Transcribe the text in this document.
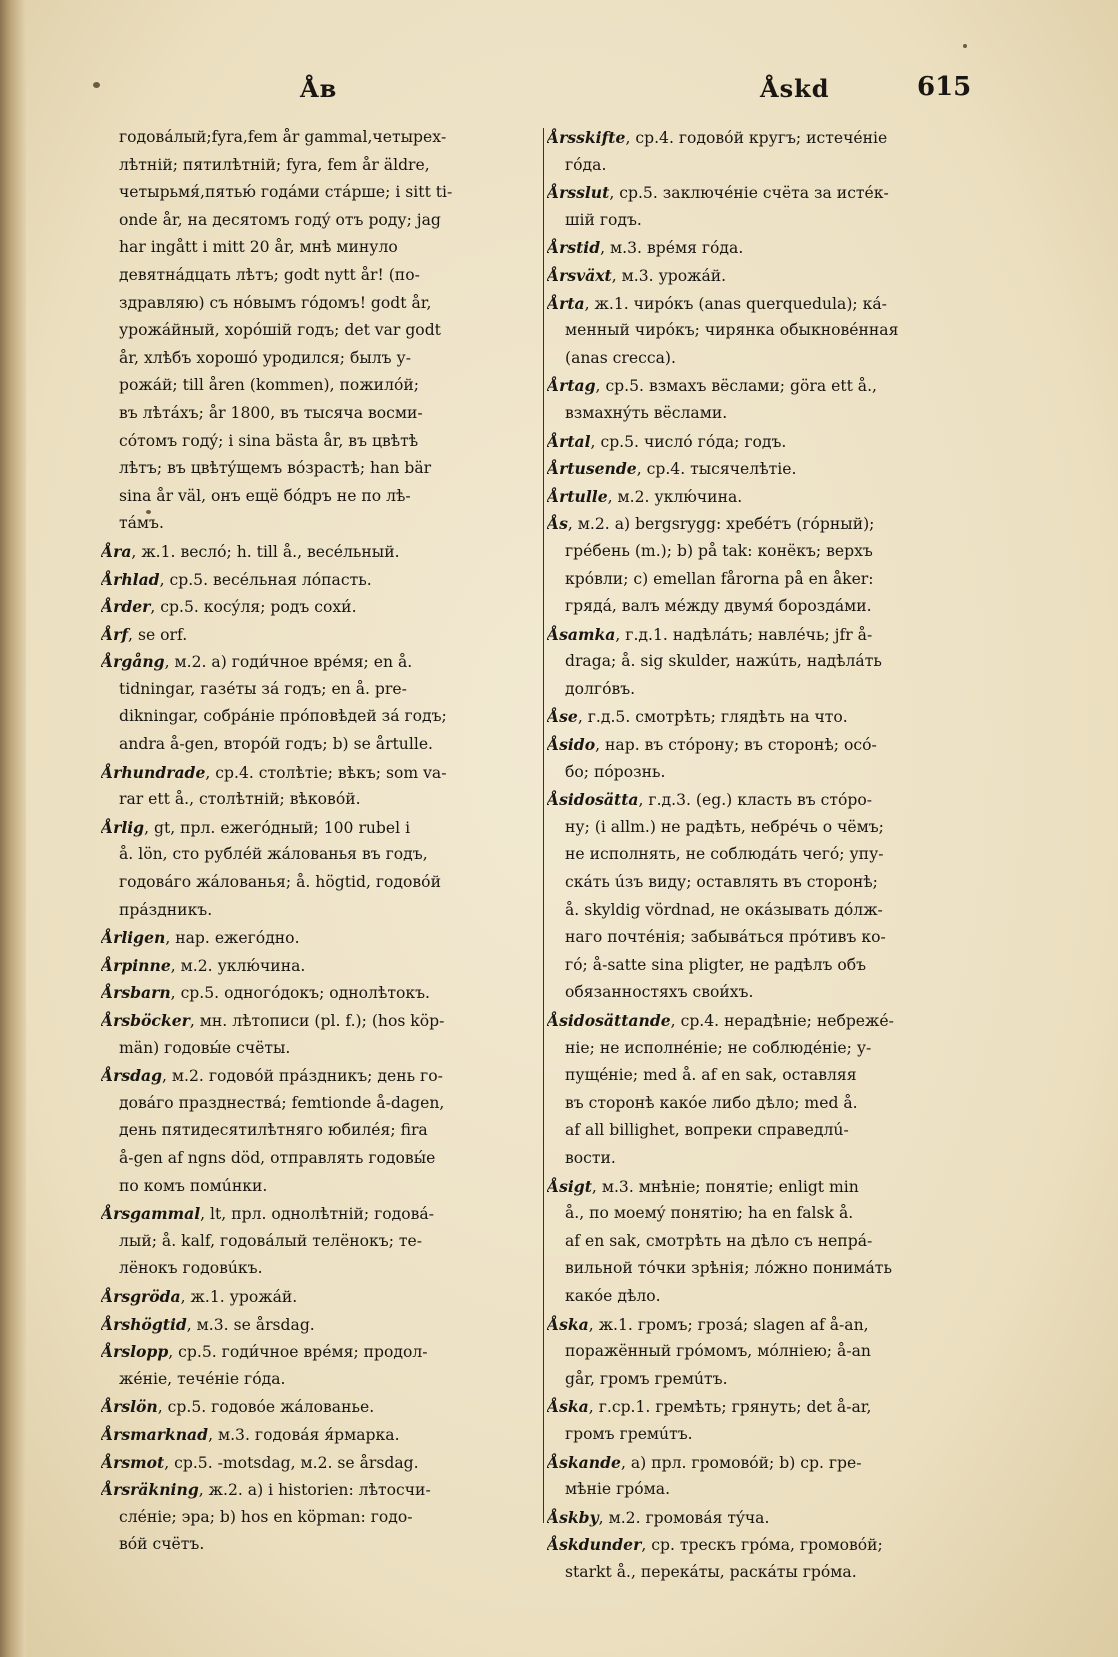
Åв	Åskd	615
годовáлый;fyra,fem år gammal,четырех-
лѣтній; пятилѣтній; fyra, fem år äldre,
четырьмя́,пятью́ годáми стáрше; i sitt ti-
onde år, на десятомъ годý отъ роду; jag
har ingått i mitt 20 år, мнѣ минуло
девятнáдцать лѣтъ; godt nytt år! (по-
здравляю) съ нóвымъ гóдомъ! godt år,
урожáйный, хорóшій годъ; det var godt
år, хлѣбъ хорошó уродился; былъ у-
рожáй; till åren (kommen), пожилóй;
въ лѣтáхъ; år 1800, въ тысяча восми-
сóтомъ годý; i sina bästa år, въ цвѣтѣ
лѣтъ; въ цвѣтýщемъ вóзрастѣ; han bär
sina år väl, онъ ещё бóдръ не по лѣ-
тáмъ.
Åra, ж.1. веслó; h. till å., весéльный.
Århlad, ср.5. весéльная лóпасть.
Årder, ср.5. косýля; родъ сохи́.
Årf, se orf.
Årgång, м.2. а) годи́чное врéмя; en å.
tidningar, газéты зá годъ; en å. pre-
dikningar, собрáніе прóповѣдей зá годъ;
andra å-gen, вторóй годъ; b) se årtulle.
Århundrade, ср.4. столѣтіе; вѣкъ; som va-
rar ett å., столѣтній; вѣковóй.
Årlig, gt, прл. ежегóдный; 100 rubel i
å. lön, сто рублéй жáлованья въ годъ,
годовáго жáлованья; å. högtid, годовóй
прáздникъ.
Årligen, нар. ежегóдно.
Årpinne, м.2. уклю́чина.
Årsbarn, ср.5. одногóдокъ; однолѣтокъ.
Årsböcker, мн. лѣтописи (pl. f.); (hos köp-
män) годовы́е счёты.
Årsdag, м.2. годовóй прáздникъ; день го-
довáго празднествá; femtionde å-dagen,
день пятидесятилѣтняго юбилéя; fira
å-gen af ngns död, отправлять годовы́е
по комъ помúнки.
Årsgammal, lt, прл. однолѣтній; годовá-
лый; å. kalf, годовáлый телёнокъ; те-
лёнокъ годовúкъ.
Årsgröda, ж.1. урожáй.
Årshögtid, м.3. se årsdag.
Årslopp, ср.5. годи́чное врéмя; продол-
жéніе, течéніе гóда.
Årslön, ср.5. годовóе жáлованье.
Årsmarknad, м.3. годовáя я́рмарка.
Årsmot, ср.5. -motsdag, м.2. se årsdag.
Årsräkning, ж.2. а) i historien: лѣтосчи-
слéніе; эра; b) hos en köpman: годо-
вóй счётъ.
Årsskifte, ср.4. годовóй кругъ; истечéніе
гóда.
Årsslut, ср.5. заключéніе счёта за истéк-
шій годъ.
Årstid, м.3. врéмя гóда.
Årsväxt, м.3. урожáй.
Årta, ж.1. чирóкъ (anas querquedula); кá-
менный чирóкъ; чирянка обыкновéнная
(anas crecca).
Årtag, ср.5. взмахъ вёслами; göra ett å.,
взмахнýть вёслами.
Årtal, ср.5. числó гóда; годъ.
Årtusende, ср.4. тысячелѣтіе.
Årtulle, м.2. уклю́чина.
Ås, м.2. а) bergsrygg: хребéтъ (гóрный);
грéбень (m.); b) på tak: конёкъ; верхъ
крóвли; c) emellan fårorna på en åker:
грядá, валъ мéжду двумя́ бороздáми.
Åsamka, г.д.1. надѣлáть; навлéчь; jfr å-
draga; å. sig skulder, нажúть, надѣлáть
долгóвъ.
Åse, г.д.5. смотрѣть; глядѣть на что.
Åsido, нар. въ стóрону; въ сторонѣ; осó-
бо; пóрознь.
Åsidosätta, г.д.3. (eg.) класть въ стóро-
ну; (i allm.) не радѣть, небрéчь о чёмъ;
не исполнять, не соблюдáть чегó; упу-
скáть úзъ виду; оставлять въ сторонѣ;
å. skyldig vördnad, не окáзывать дóлж-
наго почтéнія; забывáться прóтивъ ко-
гó; å-satte sina pligter, не радѣлъ объ
обязанностяхъ свои́хъ.
Åsidosättande, ср.4. нерадѣніе; небрежé-
ніе; не исполнéніе; не соблюдéніе; у-
пущéніе; med å. af en sak, оставляя
въ сторонѣ какóе либо дѣло; med å.
af all billighet, вопреки справедлú-
вости.
Åsigt, м.3. мнѣніе; понятіе; enligt min
å., по моемý понятію; ha en falsk å.
af en sak, смотрѣть на дѣло съ непрá-
вильной тóчки зрѣнія; лóжно понимáть
какóе дѣло.
Åska, ж.1. громъ; грозá; slagen af å-an,
поражённый грóмомъ, мóлніею; å-an
går, громъ гремúтъ.
Åska, г.ср.1. гремѣть; грянуть; det å-ar,
громъ гремúтъ.
Åskande, а) прл. громовóй; b) ср. гре-
мѣніе грóма.
Åskby, м.2. громовáя тýча.
Åskdunder, ср. трескъ грóма, громовóй;
starkt å., перекáты, раскáты грóма.
